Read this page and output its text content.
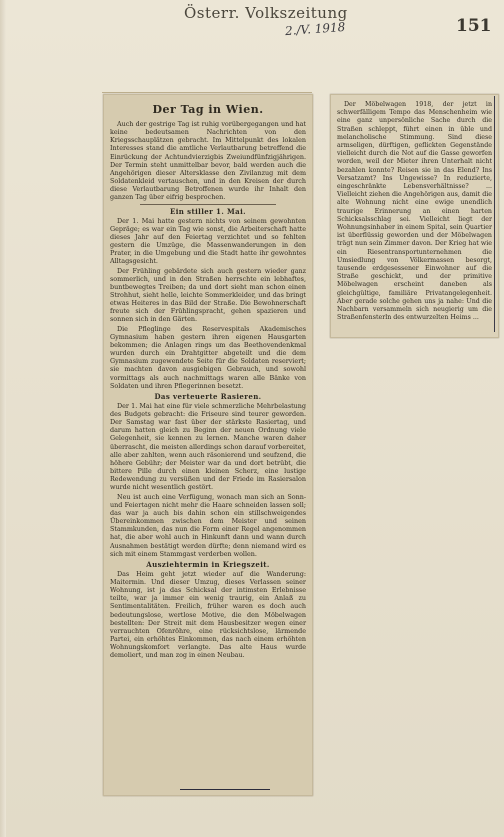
Österr. Volkszeitung
2./V. 1918	151
Der Tag in Wien.

Auch der gestrige Tag ist ruhig vorübergegangen und hat keine bedeutsamen Nachrichten von den Kriegsschauplätzen gebracht. Im Mittelpunkt des lokalen Interesses stand die amtliche Verlautbarung betreffend die Einrückung der Achtundvierzigbis Zweiundfünfzigjährigen. Der Termin steht unmittelbar bevor, bald werden auch die Angehörigen dieser Altersklasse den Zivilanzug mit dem Soldatenkleid vertauschen, und in den Kreisen der durch diese Verlautbarung Betroffenen wurde ihr Inhalt den ganzen Tag über eifrig besprochen.

Ein stiller 1. Mai.

Der 1. Mai hatte gestern nichts von seinem gewohnten Gepräge; es war ein Tag wie sonst, die Arbeiterschaft hatte dieses Jahr auf den Feiertag verzichtet und so fehlten gestern die Umzüge, die Massenwanderungen in den Prater, in die Umgebung und die Stadt hatte ihr gewohntes Alltagsgesicht.

Der Frühling gebärdete sich auch gestern wieder ganz sommerlich, und in den Straßen herrschte ein lebhaftes, buntbewegtes Treiben; da und dort sieht man schon einen Strohhut, sieht helle, leichte Sommerkleider, und das bringt etwas Heiteres in das Bild der Straße. Die Bewohnerschaft freute sich der Frühlingspracht, gehen spazieren und sonnen sich in den Gärten.

Die Pfleglinge des Reservespitals Akademisches Gymnasium haben gestern ihren eigenen Hausgarten bekommen; die Anlagen rings um das Beethovendenkmal wurden durch ein Drahtgitter abgeteilt und die dem Gymnasium zugewendete Seite für die Soldaten reserviert; sie machten davon ausgiebigen Gebrauch, und sowohl vormittags als auch nachmittags waren alle Bänke von Soldaten und ihren Pflegerinnen besetzt.

Das verteuerte Rasieren.

Der 1. Mai hat eine für viele schmerzliche Mehrbelastung des Budgets gebracht: die Friseure sind teurer geworden. Der Samstag war fast über der stärkste Rasiertag, und darum hatten gleich zu Beginn der neuen Ordnung viele Gelegenheit, sie kennen zu lernen. Manche waren daher überrascht, die meisten allerdings schon darauf vorbereitet, alle aber zahlten, wenn auch räsonierend und seufzend, die höhere Gebühr; der Meister war da und dort betrübt, die bittere Pille durch einen kleinen Scherz, eine lustige Redewendung zu versüßen und der Friede im Rasiersalon wurde nicht wesentlich gestört.

Neu ist auch eine Verfügung, wonach man sich an Sonn- und Feiertagen nicht mehr die Haare schneiden lassen soll; das war ja auch bis dahin schon ein stillschweigendes Übereinkommen zwischen dem Meister und seinen Stammkunden, das nun die Form einer Regel angenommen hat, die aber wohl auch in Hinkunft dann und wann durch Ausnahmen bestätigt werden dürfte; denn niemand wird es sich mit einem Stammgast verderben wollen.

Ausziehtermin in Kriegszeit.

Das Heim geht jetzt wieder auf die Wanderung: Maitermin. Und dieser Umzug, dieses Verlassen seiner Wohnung, ist ja das Schicksal der intimsten Erlebnisse teilte, war ja immer ein wenig traurig, ein Anlaß zu Sentimentalitäten. Freilich, früher waren es doch auch bedeutungslose, wertlose Motive, die den Möbelwagen bestellten: Der Streit mit dem Hausbesitzer wegen einer verrauchten Ofenröhre, eine rücksichtslose, lärmende Partei, ein erhöhtes Einkommen, das nach einem erhöhten Wohnungskomfort verlangte. Das alte Haus wurde demoliert, und man zog in einen Neubau.

Der Möbelwagen 1918, der jetzt in schwerfälligem Tempo das Menschenheim wie eine ganz unpersönliche Sache durch die Straßen schleppt, führt einen in üble und melancholische Stimmung. Sind diese armseligen, dürftigen, geflickten Gegenstände vielleicht durch die Not auf die Gasse geworfen worden, weil der Mieter ihren Unterhalt nicht bezahlen konnte? Reisen sie in das Elend? Ins Versatzamt? Ins Ungewisse? In reduzierte, eingeschränkte Lebensverhältnisse? ... Vielleicht ziehen die Angehörigen aus, damit die alte Wohnung nicht eine ewige unendlich traurige Erinnerung an einen harten Schicksalsschlag sei. Vielleicht liegt der Wohnungsinhaber in einem Spital, sein Quartier ist überflüssig geworden und der Möbelwagen trägt nun sein Zimmer davon. Der Krieg hat wie ein Riesentransportunternehmen die Umsiedlung von Völkermassen besorgt, tausende erdgesessener Einwohner auf die Straße geschickt, und der primitive Möbelwagen erscheint daneben als gleichgültige, familiäre Privatangelegenheit. Aber gerade solche gehen uns ja nahe: Und die Nachbarn versammeln sich neugierig um die Straßenfensterln des entwurzelten Heims ...
